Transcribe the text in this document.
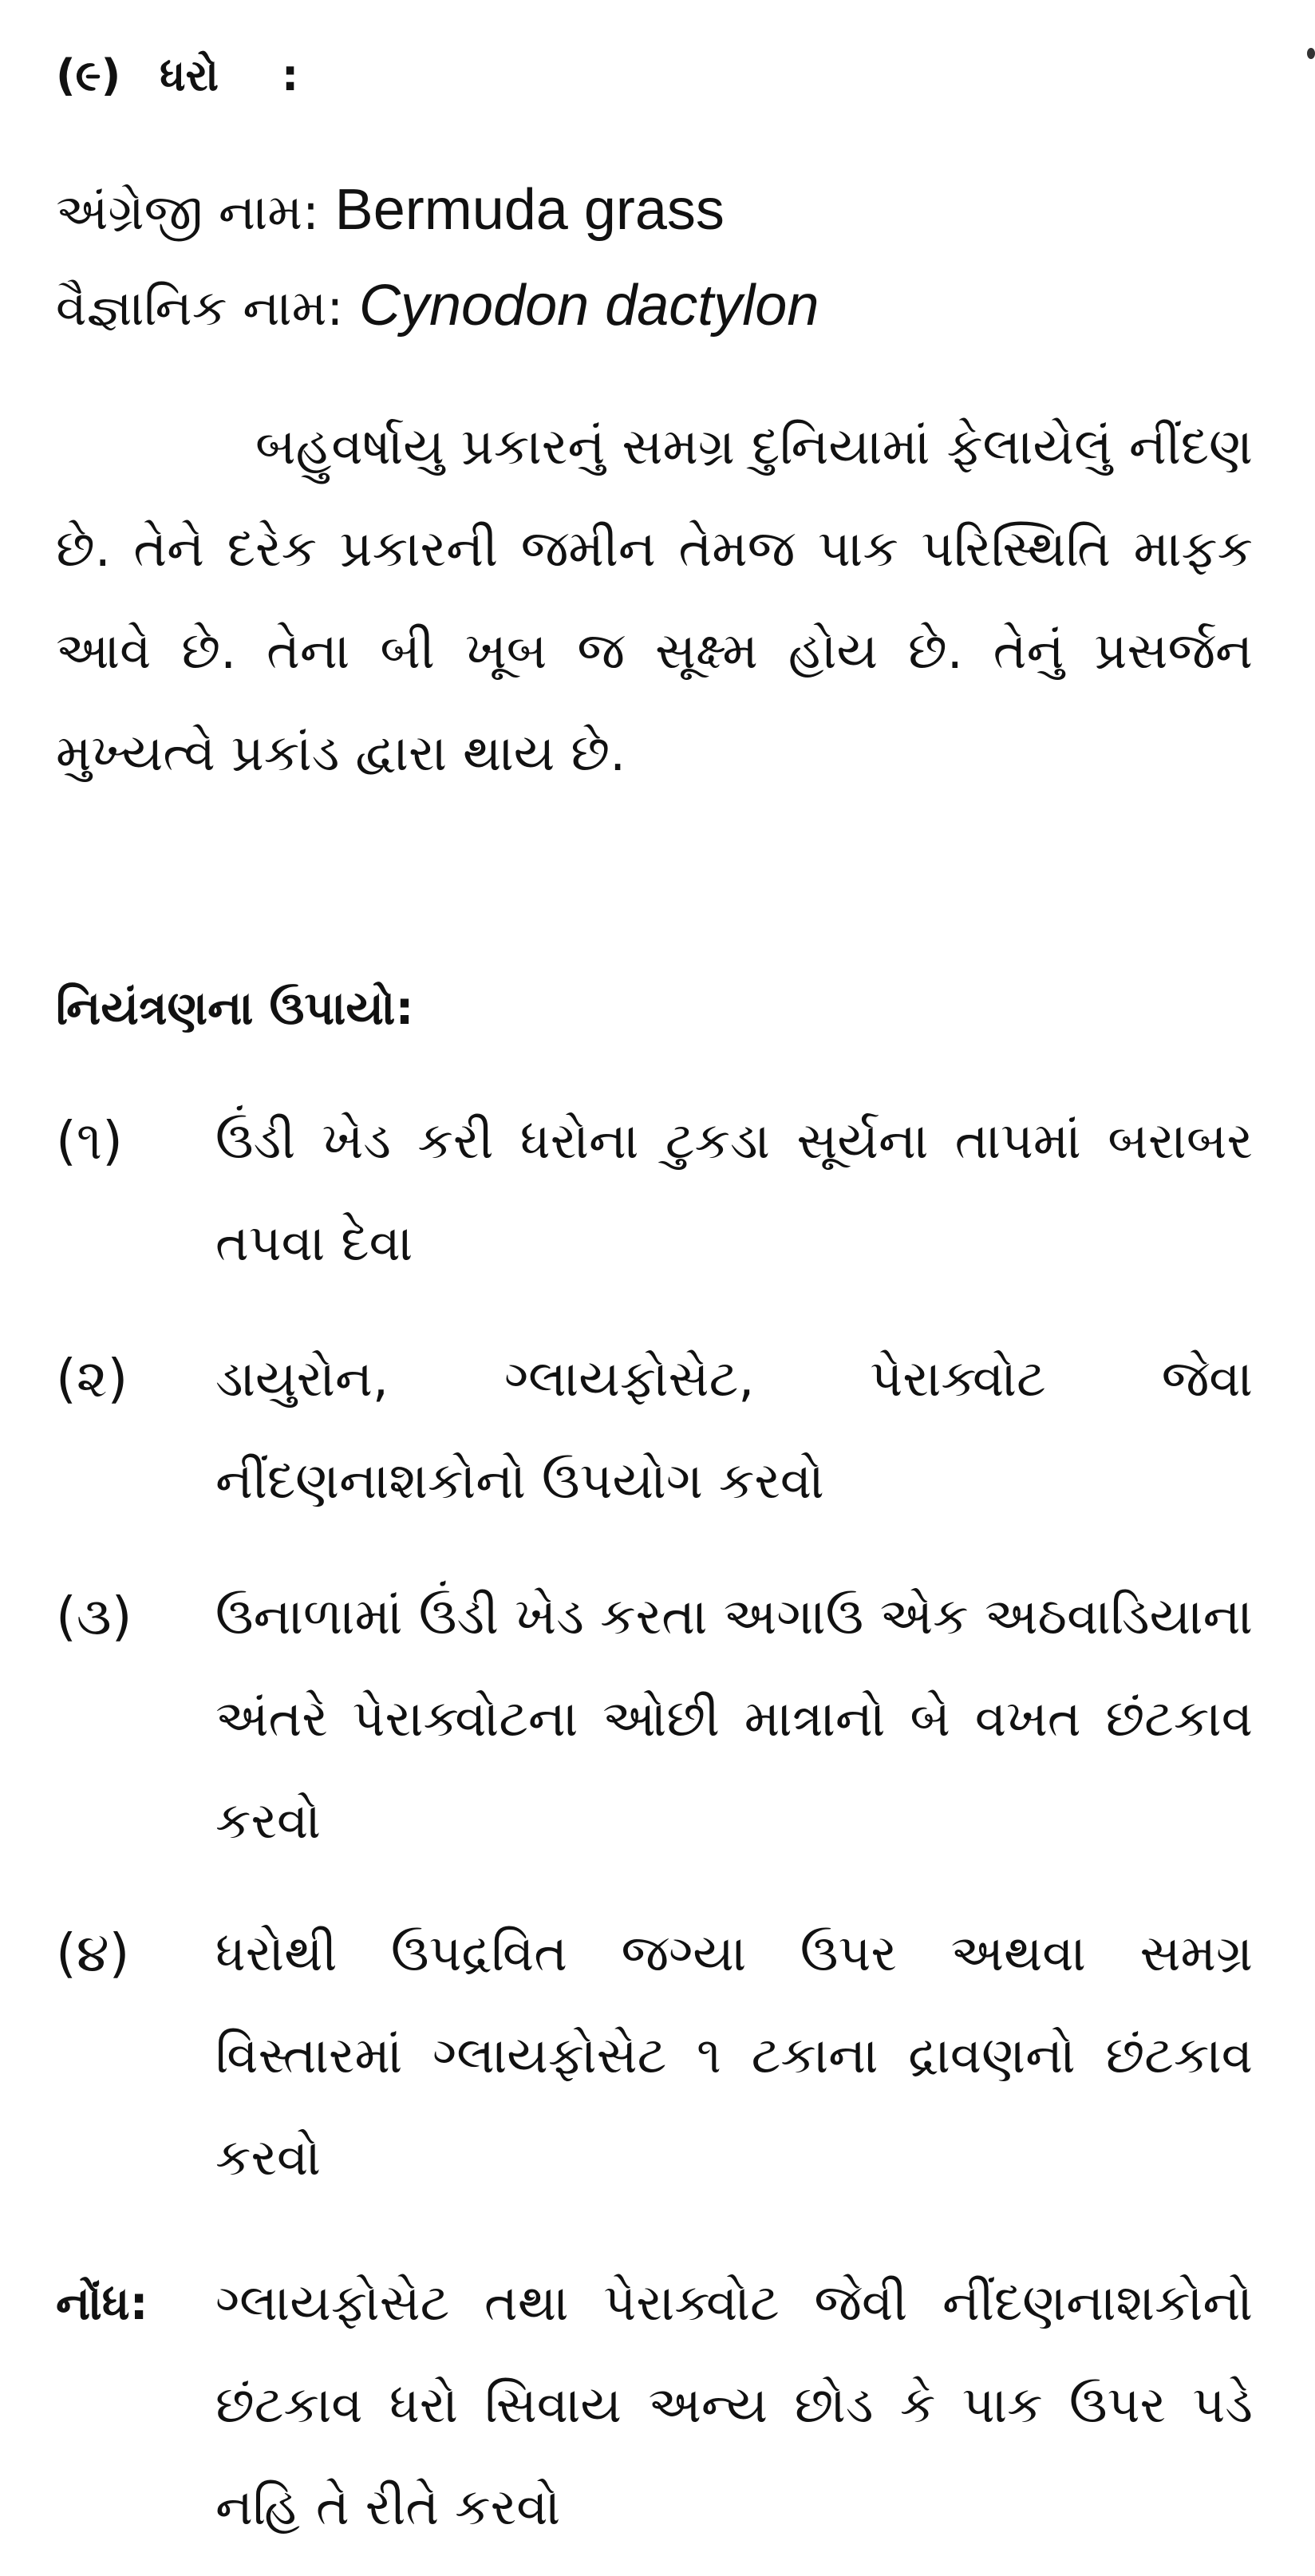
(૯) ધરો :
અંગ્રેજી નામ: Bermuda grass
વૈજ્ઞાનિક નામ: Cynodon dactylon

બહુવર્ષાયુ પ્રકારનું સમગ્ર દુનિયામાં ફેલાયેલું નીંદણ છે. તેને દરેક પ્રકારની જમીન તેમજ પાક પરિસ્થિતિ માફક આવે છે. તેના બી ખૂબ જ સૂક્ષ્મ હોય છે. તેનું પ્રસર્જન મુખ્યત્વે પ્રકાંડ દ્વારા થાય છે.

નિયંત્રણના ઉપાયો:
(૧) ઉંડી ખેડ કરી ધરોના ટુકડા સૂર્યના તાપમાં બરાબર તપવા દેવા
(૨) ડાયુરોન, ગ્લાયફોસેટ, પેરાક્વોટ જેવા નીંદણનાશકોનો ઉપયોગ કરવો
(૩) ઉનાળામાં ઉંડી ખેડ કરતા અગાઉ એક અઠવાડિયાના અંતરે પેરાક્વોટના ઓછી માત્રાનો બે વખત છંટકાવ કરવો
(૪) ધરોથી ઉપદ્રવિત જગ્યા ઉપર અથવા સમગ્ર વિસ્તારમાં ગ્લાયફોસેટ ૧ ટકાના દ્રાવણનો છંટકાવ કરવો
નોંધ: ગ્લાયફોસેટ તથા પેરાક્વોટ જેવી નીંદણનાશકોનો છંટકાવ ધરો સિવાય અન્ય છોડ કે પાક ઉપર પડે નહિ તે રીતે કરવો
